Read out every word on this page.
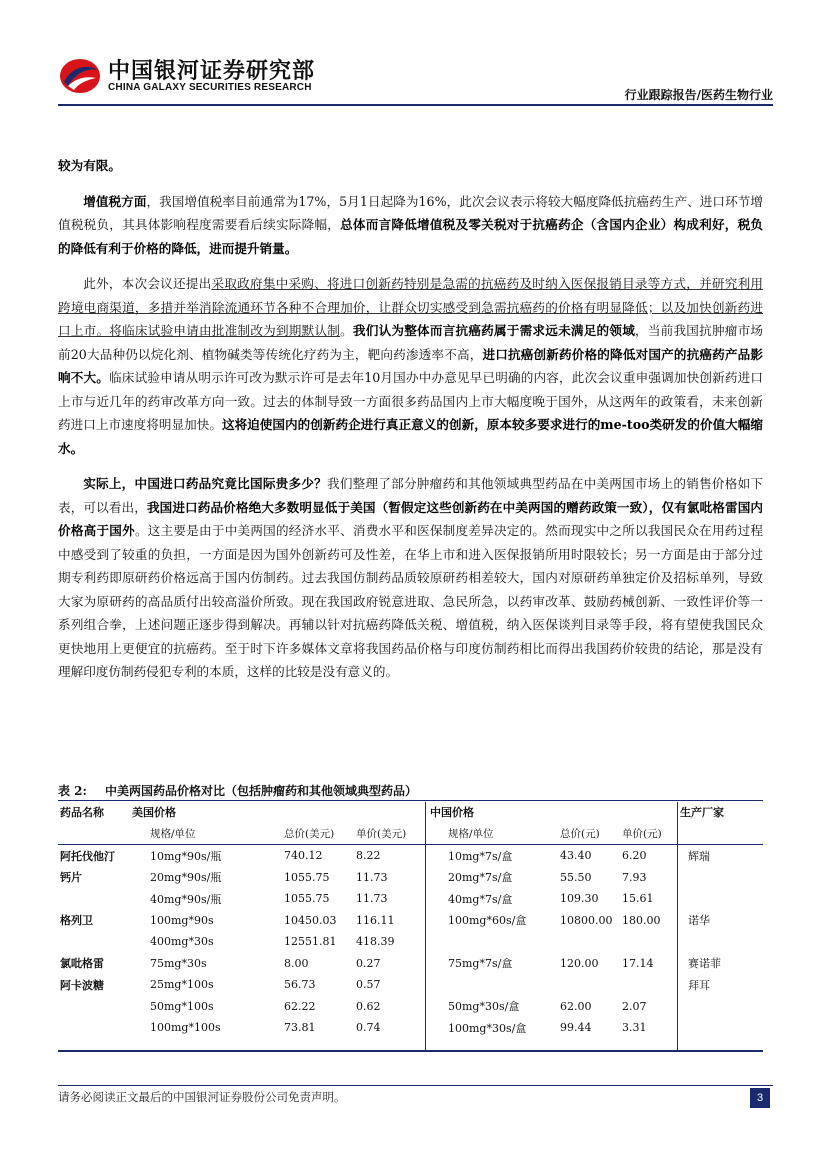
中国银河证券研究部
CHINA GALAXY SECURITIES RESEARCH
行业跟踪报告/医药生物行业

较为有限。

增值税方面，我国增值税率目前通常为17%，5月1日起降为16%，此次会议表示将较大幅度降低抗癌药生产、进口环节增值税税负，其具体影响程度需要看后续实际降幅，总体而言降低增值税及零关税对于抗癌药企（含国内企业）构成利好，税负的降低有利于价格的降低，进而提升销量。

此外，本次会议还提出采取政府集中采购、将进口创新药特别是急需的抗癌药及时纳入医保报销目录等方式，并研究利用跨境电商渠道，多措并举消除流通环节各种不合理加价，让群众切实感受到急需抗癌药的价格有明显降低；以及加快创新药进口上市。将临床试验申请由批准制改为到期默认制。我们认为整体而言抗癌药属于需求远未满足的领域，当前我国抗肿瘤市场前20大品种仍以烷化剂、植物碱类等传统化疗药为主，靶向药渗透率不高，进口抗癌创新药价格的降低对国产的抗癌药产品影响不大。临床试验申请从明示许可改为默示许可是去年10月国办中办意见早已明确的内容，此次会议重申强调加快创新药进口上市与近几年的药审改革方向一致。过去的体制导致一方面很多药品国内上市大幅度晚于国外，从这两年的政策看，未来创新药进口上市速度将明显加快。这将迫使国内的创新药企进行真正意义的创新，原本较多要求进行的me-too类研发的价值大幅缩水。

实际上，中国进口药品究竟比国际贵多少？我们整理了部分肿瘤药和其他领域典型药品在中美两国市场上的销售价格如下表，可以看出，我国进口药品价格绝大多数明显低于美国（暂假定这些创新药在中美两国的赠药政策一致），仅有氯吡格雷国内价格高于国外。这主要是由于中美两国的经济水平、消费水平和医保制度差异决定的。然而现实中之所以我国民众在用药过程中感受到了较重的负担，一方面是因为国外创新药可及性差，在华上市和进入医保报销所用时限较长；另一方面是由于部分过期专利药即原研药价格远高于国内仿制药。过去我国仿制药品质较原研药相差较大，国内对原研药单独定价及招标单列，导致大家为原研药的高品质付出较高溢价所致。现在我国政府锐意进取、急民所急，以药审改革、鼓励药械创新、一致性评价等一系列组合拳，上述问题正逐步得到解决。再辅以针对抗癌药降低关税、增值税，纳入医保谈判目录等手段，将有望使我国民众更快地用上更便宜的抗癌药。至于时下许多媒体文章将我国药品价格与印度仿制药相比而得出我国药价较贵的结论，那是没有理解印度仿制药侵犯专利的本质，这样的比较是没有意义的。

表 2: 中美两国药品价格对比（包括肿瘤药和其他领域典型药品）
药品名称	美国价格			中国价格			生产厂家
	规格/单位	总价(美元)	单价(美元)	规格/单位	总价(元)	单价(元)	
阿托伐他汀	10mg*90s/瓶	740.12	8.22	10mg*7s/盒	43.40	6.20	辉瑞
钙片	20mg*90s/瓶	1055.75	11.73	20mg*7s/盒	55.50	7.93	
	40mg*90s/瓶	1055.75	11.73	40mg*7s/盒	109.30	15.61	
格列卫	100mg*90s	10450.03	116.11	100mg*60s/盒	10800.00	180.00	诺华
	400mg*30s	12551.81	418.39				
氯吡格雷	75mg*30s	8.00	0.27	75mg*7s/盒	120.00	17.14	赛诺菲
阿卡波糖	25mg*100s	56.73	0.57				拜耳
	50mg*100s	62.22	0.62	50mg*30s/盒	62.00	2.07	
	100mg*100s	73.81	0.74	100mg*30s/盒	99.44	3.31	
请务必阅读正文最后的中国银河证券股份公司免责声明。	3
